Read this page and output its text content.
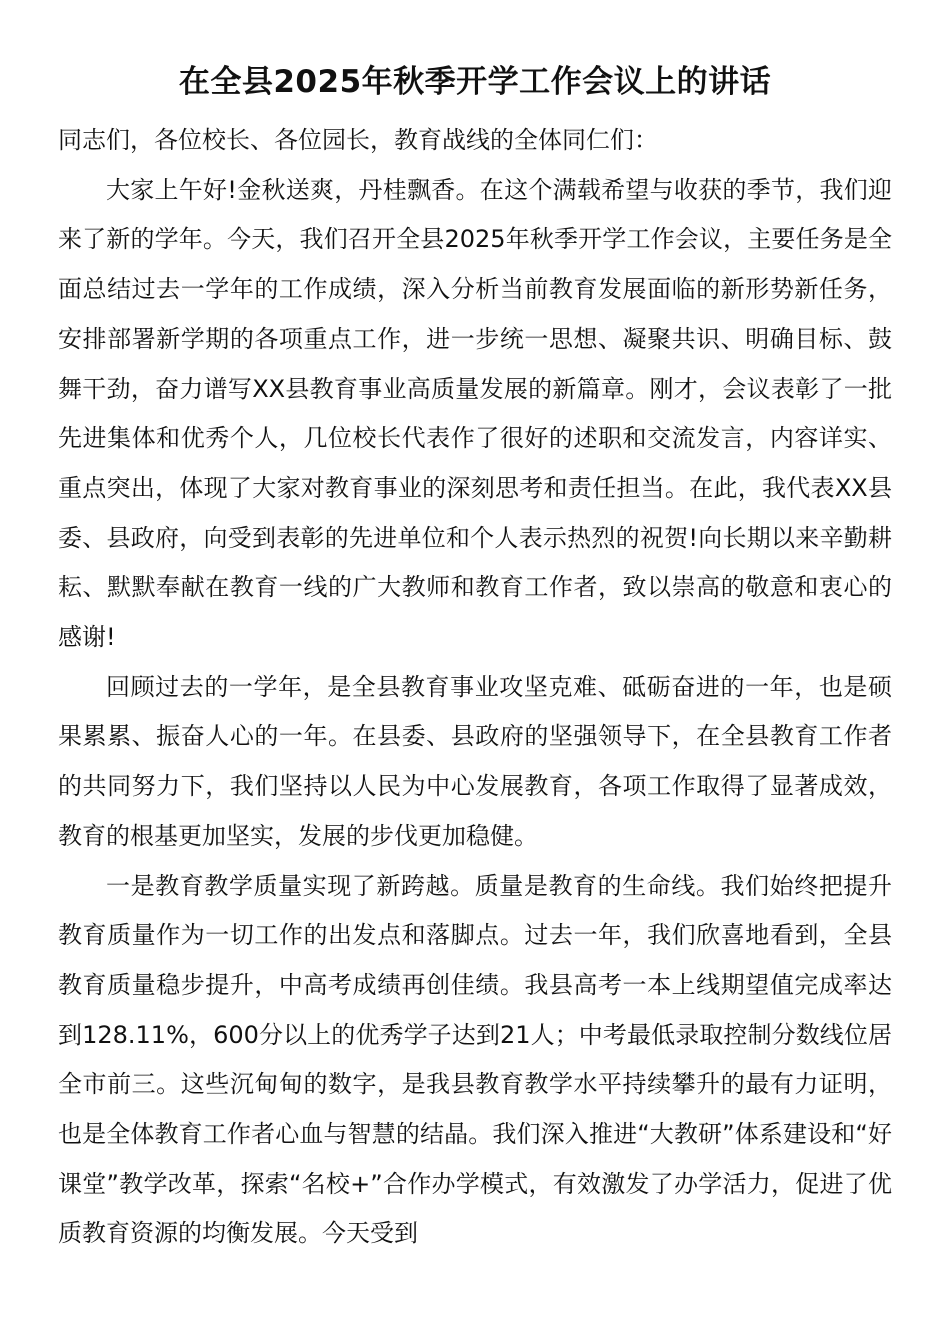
在全县2025年秋季开学工作会议上的讲话

同志们，各位校长、各位园长，教育战线的全体同仁们：

大家上午好!金秋送爽，丹桂飘香。在这个满载希望与收获的季节，我们迎来了新的学年。今天，我们召开全县2025年秋季开学工作会议，主要任务是全面总结过去一学年的工作成绩，深入分析当前教育发展面临的新形势新任务，安排部署新学期的各项重点工作，进一步统一思想、凝聚共识、明确目标、鼓舞干劲，奋力谱写XX县教育事业高质量发展的新篇章。刚才，会议表彰了一批先进集体和优秀个人，几位校长代表作了很好的述职和交流发言，内容详实、重点突出，体现了大家对教育事业的深刻思考和责任担当。在此，我代表XX县委、县政府，向受到表彰的先进单位和个人表示热烈的祝贺!向长期以来辛勤耕耘、默默奉献在教育一线的广大教师和教育工作者，致以崇高的敬意和衷心的感谢!

回顾过去的一学年，是全县教育事业攻坚克难、砥砺奋进的一年，也是硕果累累、振奋人心的一年。在县委、县政府的坚强领导下，在全县教育工作者的共同努力下，我们坚持以人民为中心发展教育，各项工作取得了显著成效，教育的根基更加坚实，发展的步伐更加稳健。

一是教育教学质量实现了新跨越。质量是教育的生命线。我们始终把提升教育质量作为一切工作的出发点和落脚点。过去一年，我们欣喜地看到，全县教育质量稳步提升，中高考成绩再创佳绩。我县高考一本上线期望值完成率达到128.11%，600分以上的优秀学子达到21人；中考最低录取控制分数线位居全市前三。这些沉甸甸的数字，是我县教育教学水平持续攀升的最有力证明，也是全体教育工作者心血与智慧的结晶。我们深入推进“大教研”体系建设和“好课堂”教学改革，探索“名校+”合作办学模式，有效激发了办学活力，促进了优质教育资源的均衡发展。今天受到
